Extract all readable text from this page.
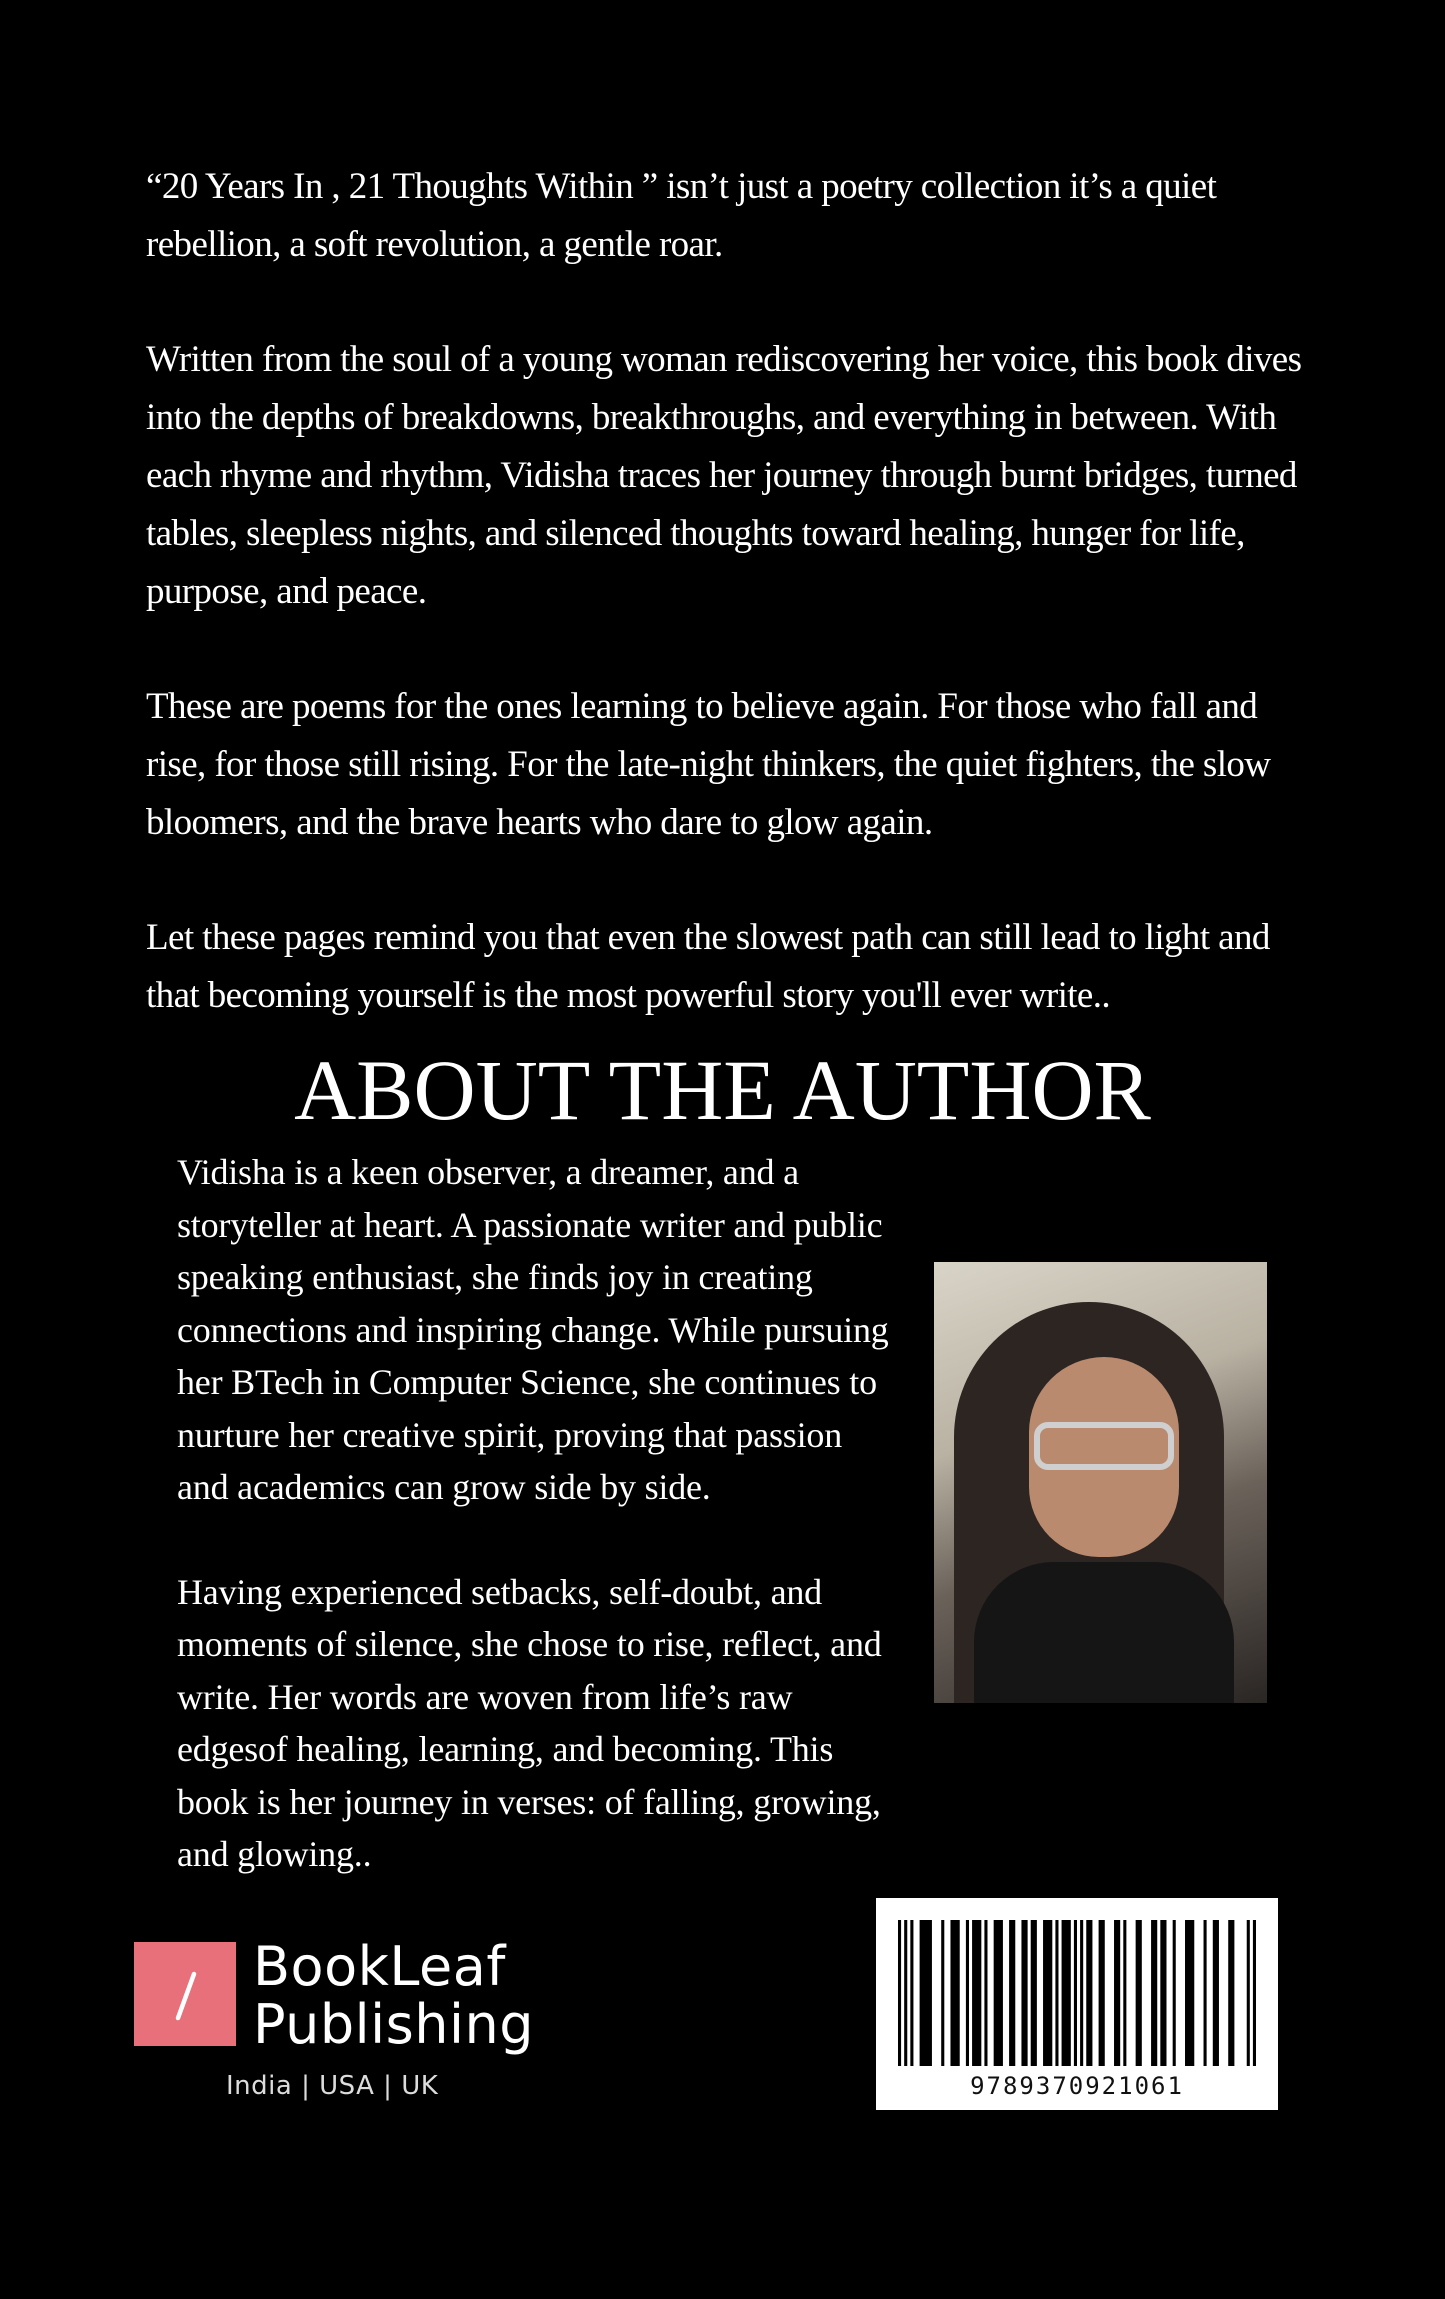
“20 Years In , 21 Thoughts Within ” isn’t just a poetry collection it’s a quiet rebellion, a soft revolution, a gentle roar.

Written from the soul of a young woman rediscovering her voice, this book dives into the depths of breakdowns, breakthroughs, and everything in between. With each rhyme and rhythm, Vidisha traces her journey through burnt bridges, turned tables, sleepless nights, and silenced thoughts toward healing, hunger for life, purpose, and peace.

These are poems for the ones learning to believe again. For those who fall and rise, for those still rising. For the late-night thinkers, the quiet fighters, the slow bloomers, and the brave hearts who dare to glow again.

Let these pages remind you that even the slowest path can still lead to light and that becoming yourself is the most powerful story you'll ever write..

ABOUT THE AUTHOR

Vidisha is a keen observer, a dreamer, and a storyteller at heart. A passionate writer and public speaking enthusiast, she finds joy in creating connections and inspiring change. While pursuing her BTech in Computer Science, she continues to nurture her creative spirit, proving that passion and academics can grow side by side.

Having experienced setbacks, self-doubt, and moments of silence, she chose to rise, reflect, and write. Her words are woven from life’s raw edgesof healing, learning, and becoming. This book is her journey in verses: of falling, growing, and glowing..

BookLeaf
Publishing
India | USA | UK	9789370921061
